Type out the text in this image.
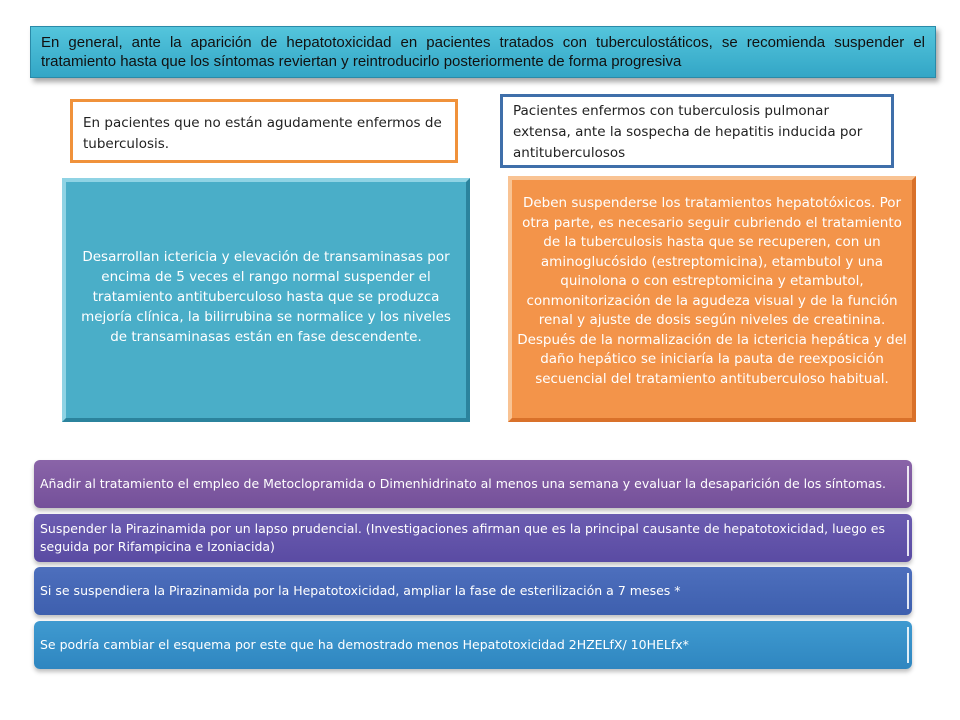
En general, ante la aparición de hepatotoxicidad en pacientes tratados con tuberculostáticos, se recomienda suspender el tratamiento hasta que los síntomas reviertan y reintroducirlo posteriormente de forma progresiva
En pacientes que no están agudamente enfermos de tuberculosis.
Pacientes enfermos con tuberculosis pulmonar extensa, ante la sospecha de hepatitis inducida por antituberculosos
Desarrollan ictericia y elevación de transaminasas por encima de 5 veces el rango normal suspender el tratamiento antituberculoso hasta que se produzca mejoría clínica, la bilirrubina se normalice y los niveles de transaminasas están en fase descendente.
Deben suspenderse los tratamientos hepatotóxicos. Por otra parte, es necesario seguir cubriendo el tratamiento de la tuberculosis hasta que se recuperen, con un aminoglucósido (estreptomicina), etambutol y una quinolona o con estreptomicina y etambutol, conmonitorización de la agudeza visual y de la función renal y ajuste de dosis según niveles de creatinina. Después de la normalización de la ictericia hepática y del daño hepático se iniciaría la pauta de reexposición secuencial del tratamiento antituberculoso habitual.
Añadir al tratamiento el empleo de Metoclopramida o Dimenhidrinato al menos una semana y evaluar la desaparición de los síntomas.
Suspender la Pirazinamida por un lapso prudencial. (Investigaciones afirman que es la principal causante de hepatotoxicidad, luego es seguida por Rifampicina e Izoniacida)
Si se suspendiera la Pirazinamida por la Hepatotoxicidad, ampliar la fase de esterilización a 7 meses *
Se podría cambiar el esquema por este que ha demostrado menos Hepatotoxicidad 2HZELfX/ 10HELfx*
